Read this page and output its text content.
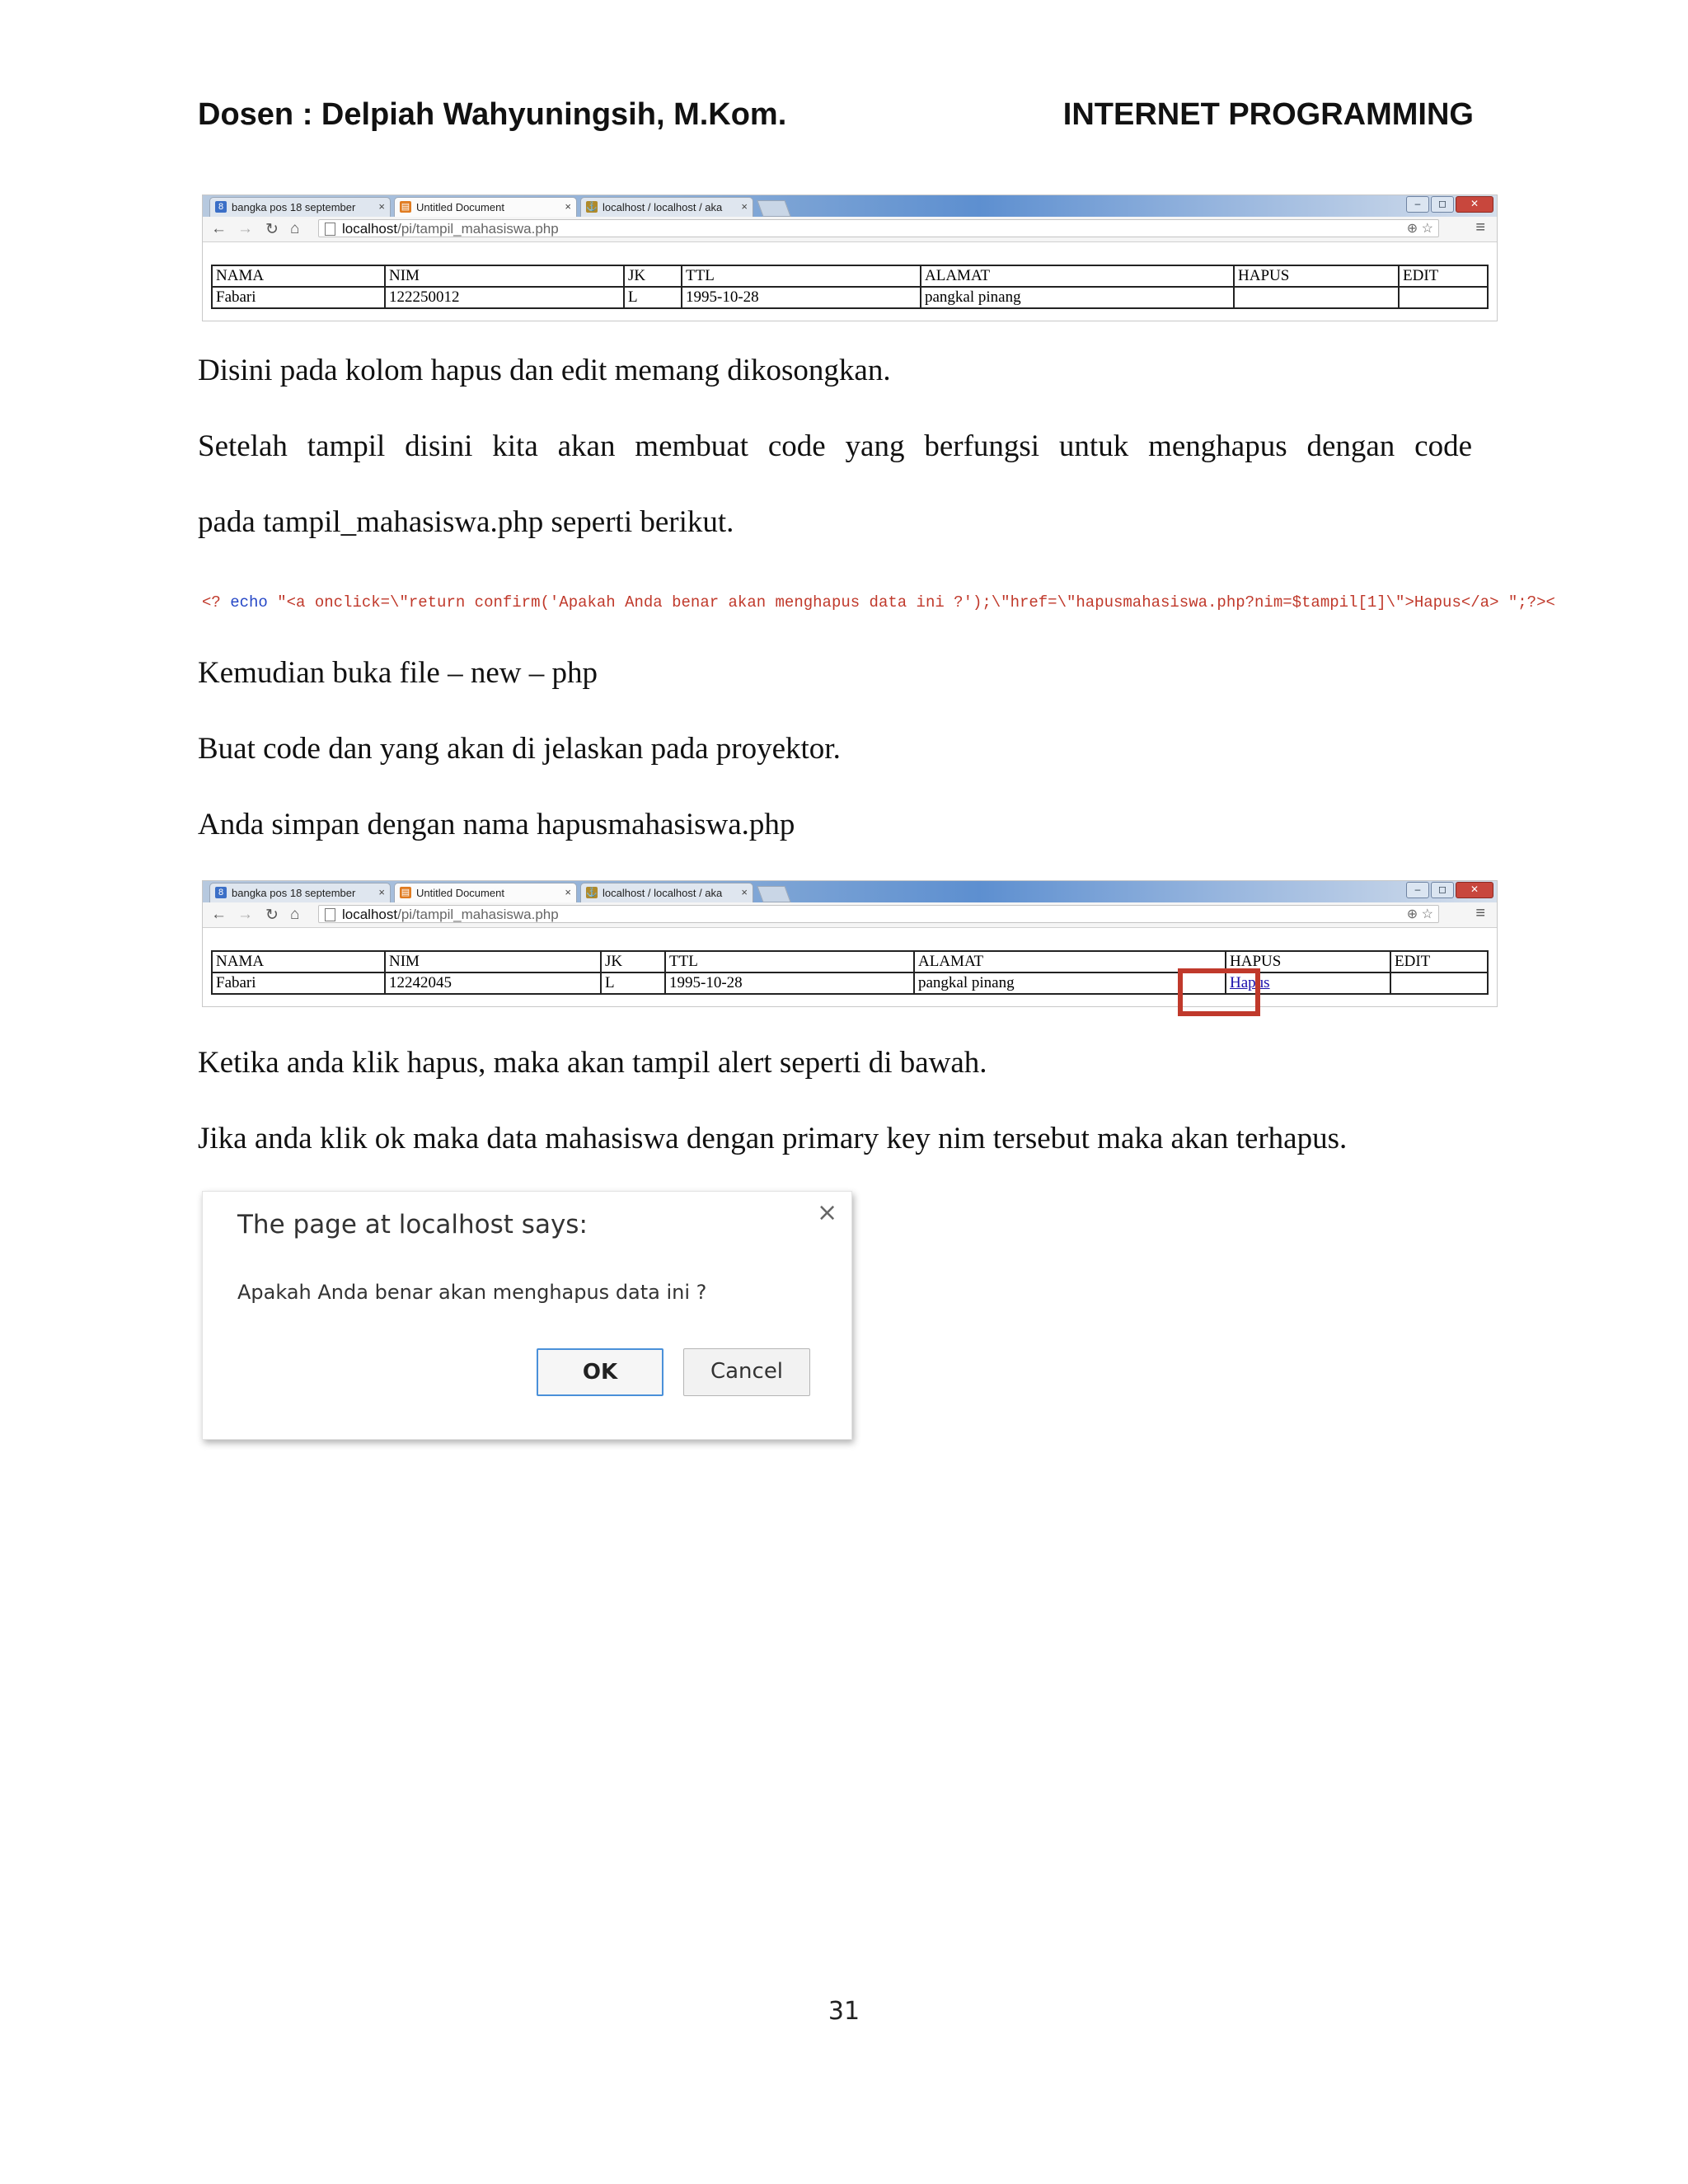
Dosen : Delpiah Wahyuningsih, M.Kom.	INTERNET PROGRAMMING
8 bangka pos 18 september × ▤ Untitled Document	× ⚓ localhost / localhost / aka ×	–	◻	✕
← → ↻ ⌂	localhost/pi/tampil_mahasiswa.php	⊕ ☆	≡
NAMA	NIM	JK	TTL	ALAMAT	HAPUS	EDIT
Fabari	122250012	L	1995-10-28	pangkal pinang		
Disini pada kolom hapus dan edit memang dikosongkan.
Setelah tampil disini kita akan membuat code yang berfungsi untuk menghapus dengan code
pada tampil_mahasiswa.php seperti berikut.
<? echo "<a onclick=\"return confirm('Apakah Anda benar akan menghapus data ini ?');\"href=\"hapusmahasiswa.php?nim=$tampil[1]\">Hapus</a> ";?><
Kemudian buka file – new – php
Buat code dan yang akan di jelaskan pada proyektor.
Anda simpan dengan nama hapusmahasiswa.php
8 bangka pos 18 september × ▤ Untitled Document	× ⚓ localhost / localhost / aka ×	–	◻	✕
← → ↻ ⌂	localhost/pi/tampil_mahasiswa.php	⊕ ☆	≡
NAMA	NIM	JK	TTL	ALAMAT	HAPUS	EDIT
Fabari	12242045	L	1995-10-28	pangkal pinang	Hapus	
Ketika anda klik hapus, maka akan tampil alert seperti di bawah.
Jika anda klik ok maka data mahasiswa dengan primary key nim tersebut maka akan terhapus.
The page at localhost says:	×
Apakah Anda benar akan menghapus data ini ?
OK	Cancel
31
